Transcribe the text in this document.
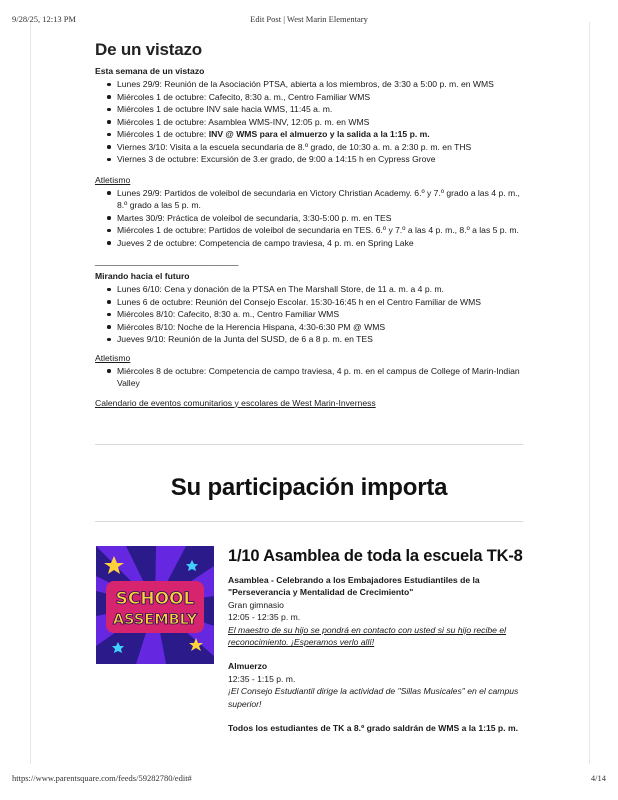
9/28/25, 12:13 PM	Edit Post | West Marin Elementary
De un vistazo
Esta semana de un vistazo
Lunes 29/9: Reunión de la Asociación PTSA, abierta a los miembros, de 3:30 a 5:00 p. m. en WMS
Miércoles 1 de octubre: Cafecito, 8:30 a. m., Centro Familiar WMS
Miércoles 1 de octubre INV sale hacia WMS, 11:45 a. m.
Miércoles 1 de octubre: Asamblea WMS-INV, 12:05 p. m. en WMS
Miércoles 1 de octubre: INV @ WMS para el almuerzo y la salida a la 1:15 p. m.
Viernes 3/10: Visita a la escuela secundaria de 8.º grado, de 10:30 a. m. a 2:30 p. m. en THS
Viernes 3 de octubre: Excursión de 3.er grado, de 9:00 a 14:15 h en Cypress Grove
Atletismo
Lunes 29/9: Partidos de voleibol de secundaria en Victory Christian Academy. 6.º y 7.º grado a las 4 p. m., 8.º grado a las 5 p. m.
Martes 30/9: Práctica de voleibol de secundaria, 3:30-5:00 p. m. en TES
Miércoles 1 de octubre: Partidos de voleibol de secundaria en TES. 6.º y 7.º a las 4 p. m., 8.º a las 5 p. m.
Jueves 2 de octubre: Competencia de campo traviesa, 4 p. m. en Spring Lake
______________________________
Mirando hacia el futuro
Lunes 6/10: Cena y donación de la PTSA en The Marshall Store, de 11 a. m. a 4 p. m.
Lunes 6 de octubre: Reunión del Consejo Escolar. 15:30-16:45 h en el Centro Familiar de WMS
Miércoles 8/10: Cafecito, 8:30 a. m., Centro Familiar WMS
Miércoles 8/10: Noche de la Herencia Hispana, 4:30-6:30 PM @ WMS
Jueves 9/10: Reunión de la Junta del SUSD, de 6 a 8 p. m. en TES
Atletismo
Miércoles 8 de octubre: Competencia de campo traviesa, 4 p. m. en el campus de College of Marin-Indian Valley
Calendario de eventos comunitarios y escolares de West Marin-Inverness
Su participación importa
SCHOOL
ASSEMBLY
1/10 Asamblea de toda la escuela TK-8

Asamblea - Celebrando a los Embajadores Estudiantiles de la "Perseverancia y Mentalidad de Crecimiento"

Gran gimnasio

12:05 - 12:35 p. m.

El maestro de su hijo se pondrá en contacto con usted si su hijo recibe el reconocimiento. ¡Esperamos verlo allí!

Almuerzo

12:35 - 1:15 p. m.

¡El Consejo Estudiantil dirige la actividad de "Sillas Musicales" en el campus superior!

Todos los estudiantes de TK a 8.º grado saldrán de WMS a la 1:15 p. m.

https://www.parentsquare.com/feeds/59282780/edit#	4/14
